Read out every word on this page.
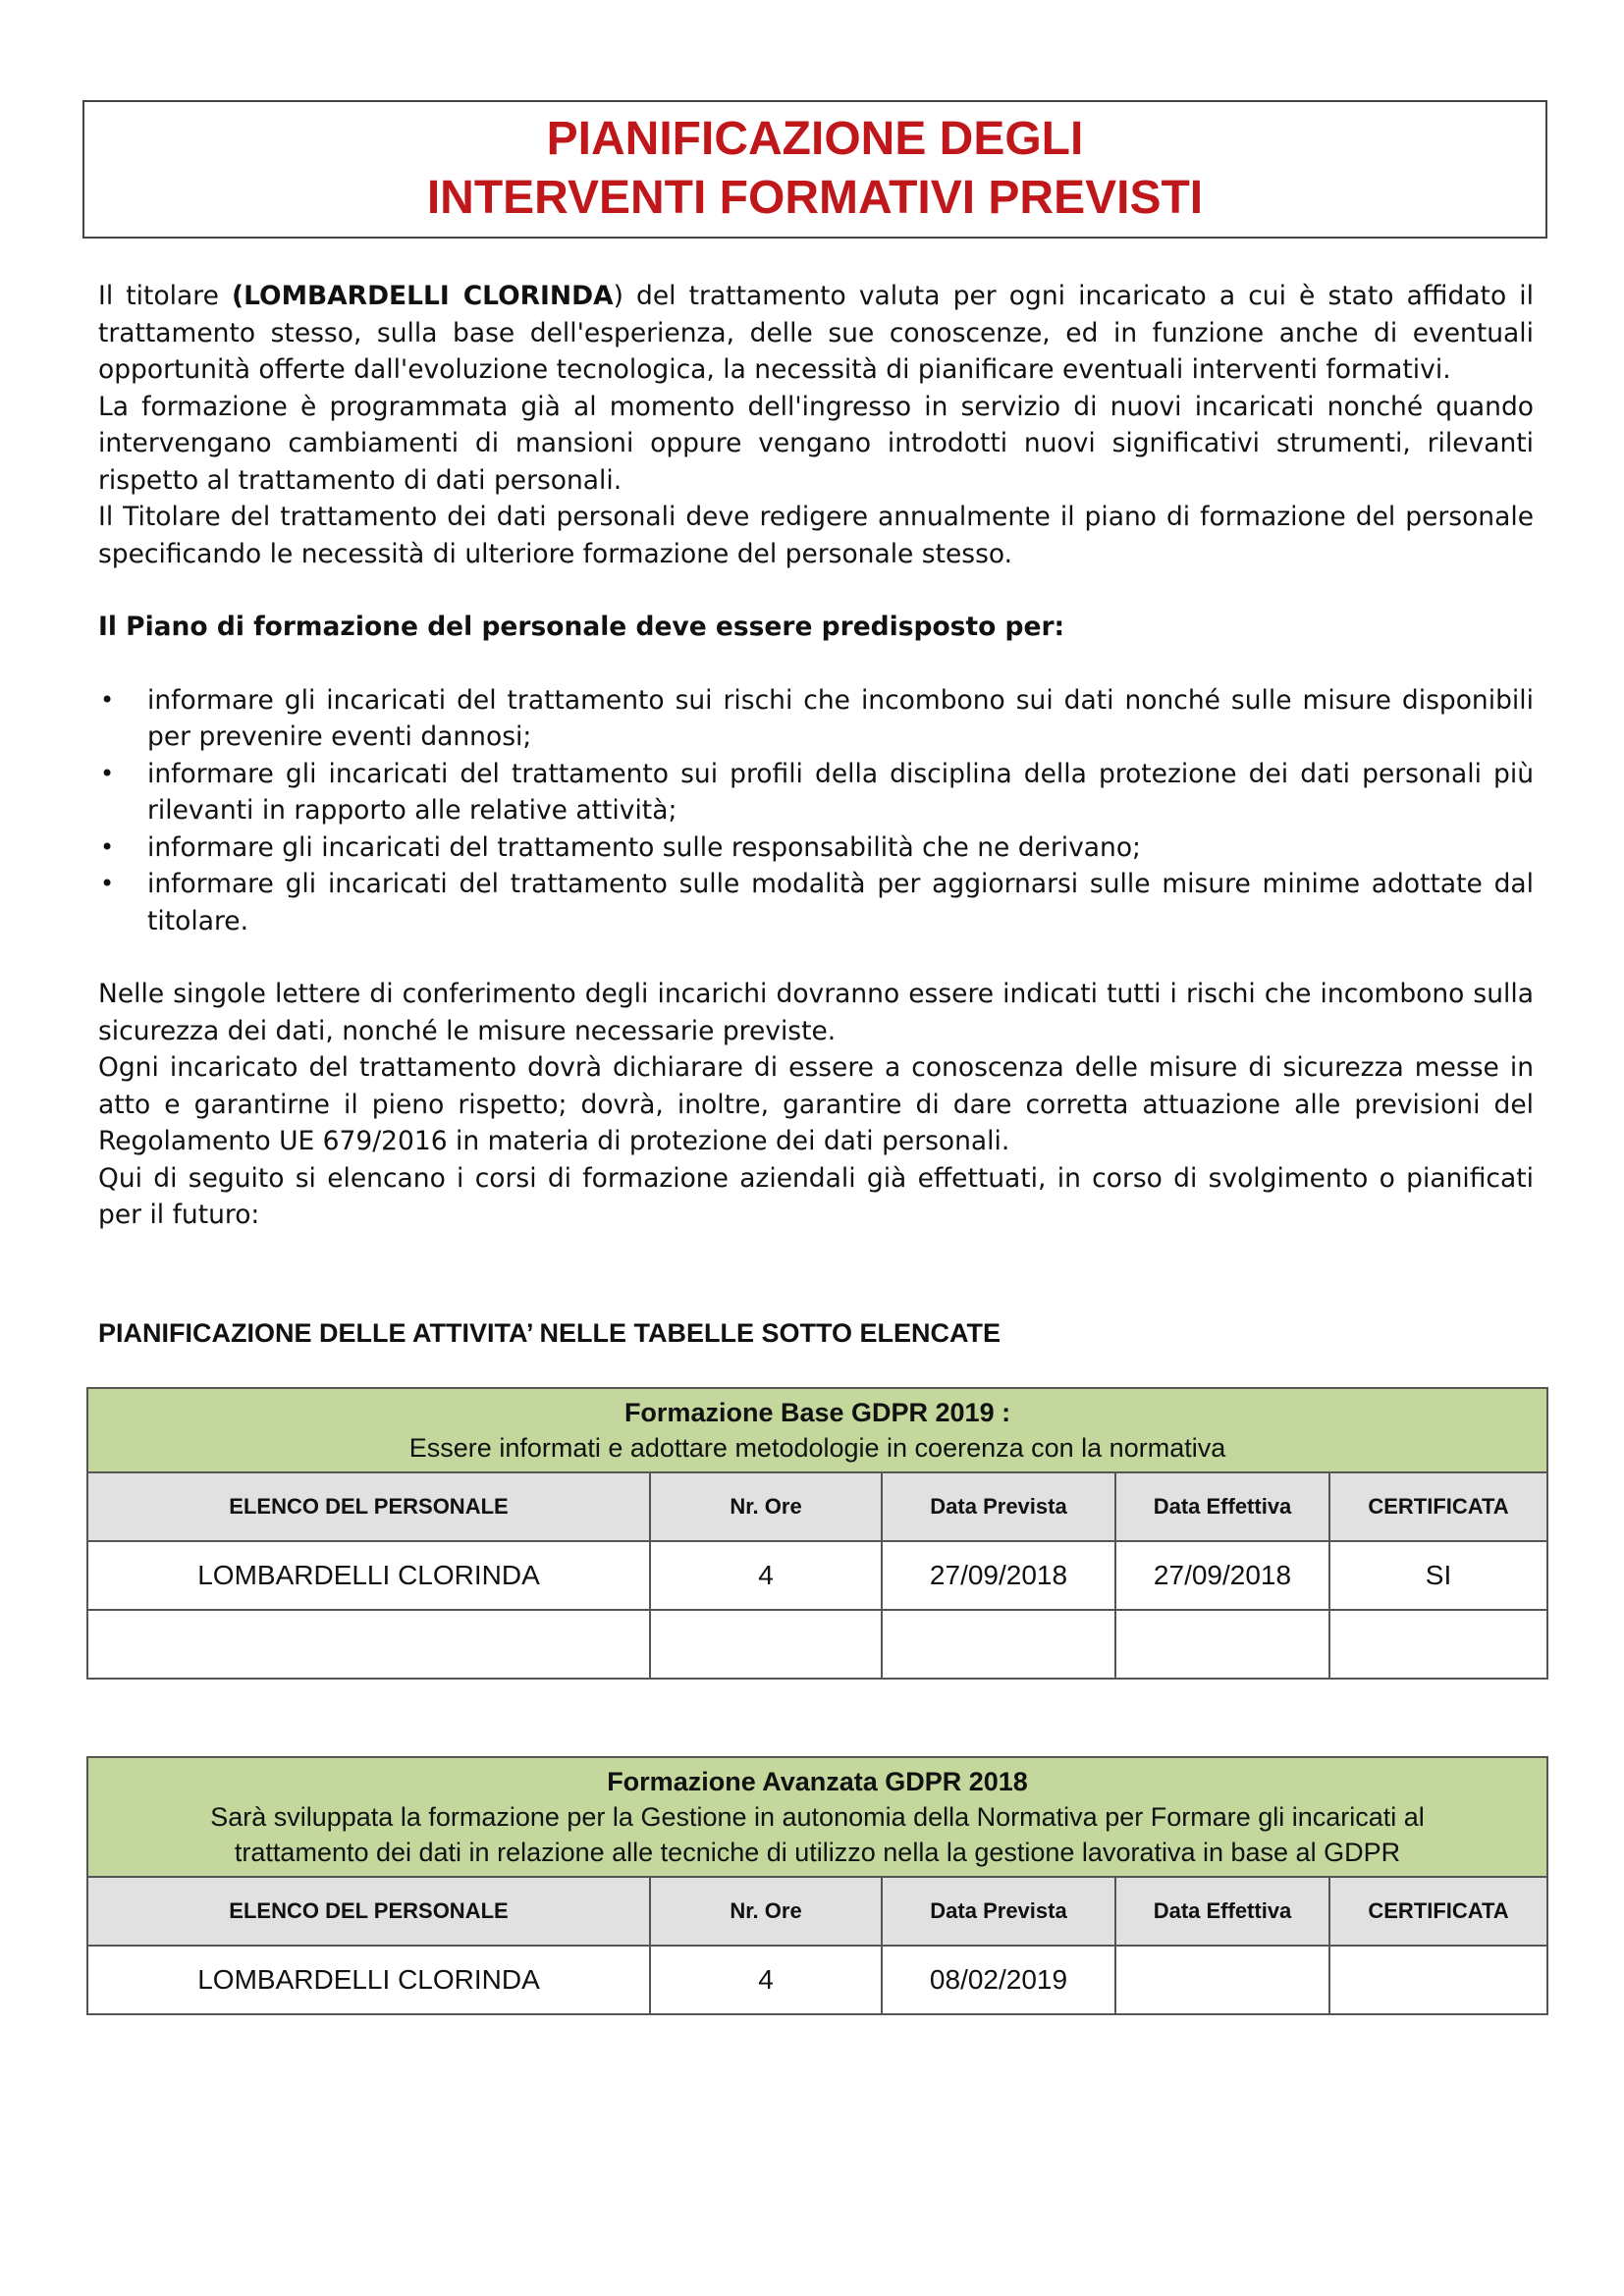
PIANIFICAZIONE DEGLI
INTERVENTI FORMATIVI PREVISTI

Il titolare (LOMBARDELLI CLORINDA) del trattamento valuta per ogni incaricato a cui è stato affidato il trattamento stesso, sulla base dell'esperienza, delle sue conoscenze, ed in funzione anche di eventuali opportunità offerte dall'evoluzione tecnologica, la necessità di pianificare eventuali interventi formativi.

La formazione è programmata già al momento dell'ingresso in servizio di nuovi incaricati nonché quando intervengano cambiamenti di mansioni oppure vengano introdotti nuovi significativi strumenti, rilevanti rispetto al trattamento di dati personali.

Il Titolare del trattamento dei dati personali deve redigere annualmente il piano di formazione del personale specificando le necessità di ulteriore formazione del personale stesso.

Il Piano di formazione del personale deve essere predisposto per:

• informare gli incaricati del trattamento sui rischi che incombono sui dati nonché sulle misure disponibili per prevenire eventi dannosi;
• informare gli incaricati del trattamento sui profili della disciplina della protezione dei dati personali più rilevanti in rapporto alle relative attività;
• informare gli incaricati del trattamento sulle responsabilità che ne derivano;
• informare gli incaricati del trattamento sulle modalità per aggiornarsi sulle misure minime adottate dal titolare.

Nelle singole lettere di conferimento degli incarichi dovranno essere indicati tutti i rischi che incombono sulla sicurezza dei dati, nonché le misure necessarie previste.

Ogni incaricato del trattamento dovrà dichiarare di essere a conoscenza delle misure di sicurezza messe in atto e garantirne il pieno rispetto; dovrà, inoltre, garantire di dare corretta attuazione alle previsioni del Regolamento UE 679/2016 in materia di protezione dei dati personali.

Qui di seguito si elencano i corsi di formazione aziendali già effettuati, in corso di svolgimento o pianificati per il futuro:

PIANIFICAZIONE DELLE ATTIVITA’ NELLE TABELLE SOTTO ELENCATE
Formazione Base GDPR 2019 :
Essere informati e adottare metodologie in coerenza con la normativa				

ELENCO DEL PERSONALE	Nr. Ore	Data Prevista	Data Effettiva	CERTIFICATA
LOMBARDELLI CLORINDA	4	27/09/2018	27/09/2018	SI

Formazione Avanzata GDPR 2018
Sarà sviluppata la formazione per la Gestione in autonomia della Normativa per Formare gli incaricati al
trattamento dei dati in relazione alle tecniche di utilizzo nella la gestione lavorativa in base al GDPR				

ELENCO DEL PERSONALE	Nr. Ore	Data Prevista	Data Effettiva	CERTIFICATA
LOMBARDELLI CLORINDA	4	08/02/2019		
